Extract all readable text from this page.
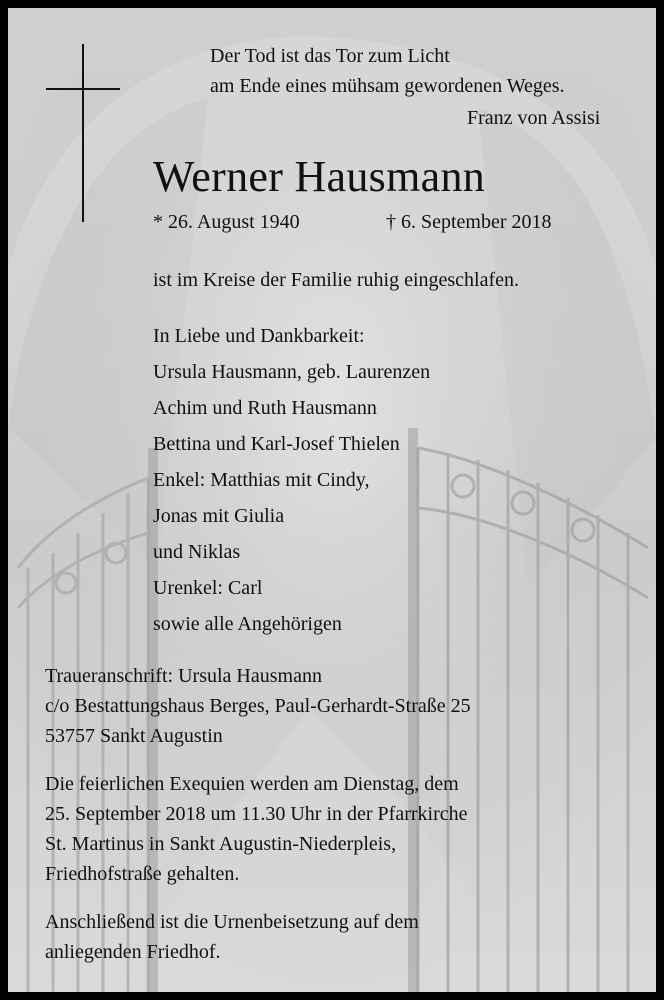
Der Tod ist das Tor zum Licht
am Ende eines mühsam gewordenen Weges.
Franz von Assisi
Werner Hausmann
* 26. August 1940	† 6. September 2018
ist im Kreise der Familie ruhig eingeschlafen.
In Liebe und Dankbarkeit:
Ursula Hausmann, geb. Laurenzen
Achim und Ruth Hausmann
Bettina und Karl-Josef Thielen
Enkel: Matthias mit Cindy,
Jonas mit Giulia
und Niklas
Urenkel: Carl
sowie alle Angehörigen
Traueranschrift: Ursula Hausmann
c/o Bestattungshaus Berges, Paul-Gerhardt-Straße 25
53757 Sankt Augustin
Die feierlichen Exequien werden am Dienstag, dem
25. September 2018 um 11.30 Uhr in der Pfarrkirche
St. Martinus in Sankt Augustin-Niederpleis,
Friedhofstraße gehalten.
Anschließend ist die Urnenbeisetzung auf dem
anliegenden Friedhof.
